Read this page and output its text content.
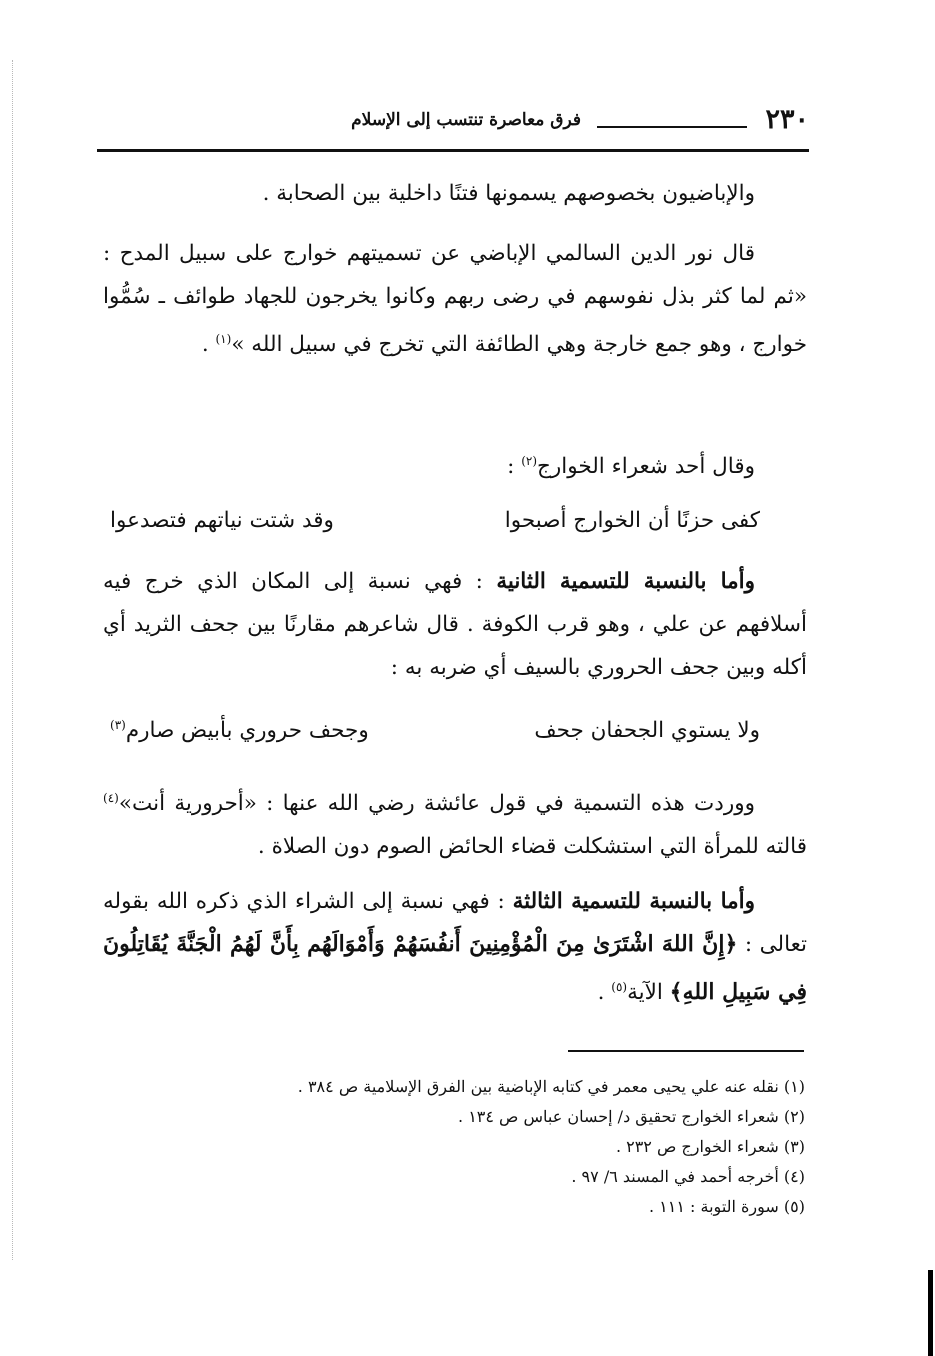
٢٣٠
فرق معاصرة تنتسب إلى الإسلام

والإباضيون بخصوصهم يسمونها فتنًا داخلية بين الصحابة .

قال نور الدين السالمي الإباضي عن تسميتهم خوارج على سبيل المدح : «ثم لما كثر بذل نفوسهم في رضى ربهم وكانوا يخرجون للجهاد طوائف ـ سُمُّوا خوارج ، وهو جمع خارجة وهي الطائفة التي تخرج في سبيل الله »$^{(١)}$ .

وقال أحد شعراء الخوارج$^{(٢)}$ :

كفى حزنًا أن الخوارج أصبحوا
وقد شتت نياتهم فتصدعوا

وأما بالنسبة للتسمية الثانية : فهي نسبة إلى المكان الذي خرج فيه أسلافهم عن علي ، وهو قرب الكوفة . قال شاعرهم مقارنًا بين جحف الثريد أي أكله وبين جحف الحروري بالسيف أي ضربه به :

ولا يستوي الجحفان جحف
وجحف حروري بأبيض صارم$^{(٣)}$

ووردت هذه التسمية في قول عائشة رضي الله عنها : «أحرورية أنت»$^{(٤)}$ قالته للمرأة التي استشكلت قضاء الحائض الصوم دون الصلاة .

وأما بالنسبة للتسمية الثالثة : فهي نسبة إلى الشراء الذي ذكره الله بقوله تعالى : ﴿إِنَّ اللهَ اشْتَرَىٰ مِنَ الْمُؤْمِنِينَ أَنفُسَهُمْ وَأَمْوَالَهُم بِأَنَّ لَهُمُ الْجَنَّةَ يُقَاتِلُونَ فِي سَبِيلِ اللهِ﴾ الآية$^{(٥)}$ .

(١) نقله عنه علي يحيى معمر في كتابه الإباضية بين الفرق الإسلامية ص ٣٨٤ .
(٢) شعراء الخوارج تحقيق د/ إحسان عباس ص ١٣٤ .
(٣) شعراء الخوارج ص ٢٣٢ .
(٤) أخرجه أحمد في المسند ٦/ ٩٧ .
(٥) سورة التوبة : ١١١ .
